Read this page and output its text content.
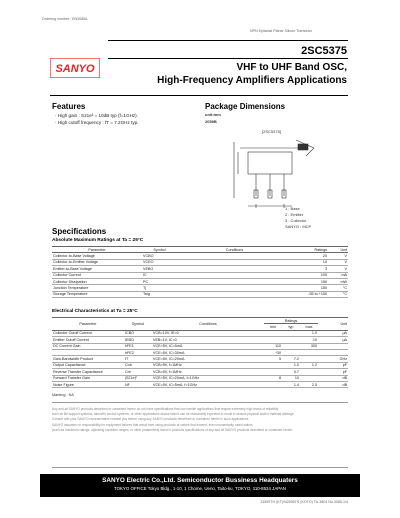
Ordering number : EN3085A
NPN Epitaxial Planar Silicon Transistor
SANYO
2SC5375
VHF to UHF Band OSC,
High-Frequency Amplifiers Applications
Features
· High gain : S21e² = 10dB typ (f=1GHz).
· High cutoff frequency : fT = 7.2GHz typ.
Package Dimensions
unit:mm
2059B
[2SC5375]
1 : Base
2 : Emitter
3 : Collector
SANYO : MCP
Specifications
Absolute Maximum Ratings at Ta = 25°C
Parameter	Symbol	Conditions	Ratings	Unit
Collector-to-Base Voltage	VCBO		20	V
Collector-to-Emitter Voltage	VCEO		10	V
Emitter-to-Base Voltage	VEBO		3	V
Collector Current	IC		100	mA
Collector Dissipation	PC		150	mW
Junction Temperature	Tj		150	°C
Storage Temperature	Tstg		-55 to +150	°C
Electrical Characteristics at Ta = 25°C
Parameter	Symbol	Conditions	Ratings			Unit
			min	typ	max	
Collector Cutoff Current	ICBO	VCB=10V, IE=0			1.0	μA
Emitter Cutoff Current	IEBO	VEB=1V, IC=0			10	μA
DC Current Gain	hFE1	VCE=5V, IC=5mA	110		300	
	hFE2	VCE=5V, IC=30mA	*30			
Gain-Bandwidth Product	fT	VCE=5V, IC=20mA	5	7.2		GHz
Output Capacitance	Cob	VCB=5V, f=1MHz		1.0	1.2	pF
Reverse Transfer Capacitance	Cre	VCB=5V, f=1MHz		0.7		pF
Forward Transfer Gain	|S21e|²	VCE=5V, IC=20mA, f=1GHz	8	10		dB
Noise Figure	NF	VCE=5V, IC=5mA, f=1GHz		1.4	2.5	dB
Marking : NA
Any and all SANYO products described or contained herein do not have specifications that can handle applications that require extremely high levels of reliability,
such as life-support systems, aircraft's control systems, or other applications whose failure can be reasonably expected to result in serious physical and/or material damage.
Consult with your SANYO representative nearest you before using any SANYO products described or contained herein in such applications.
SANYO assumes no responsibility for equipment failures that result from using products at values that exceed, even momentarily, rated values
(such as maximum ratings, operating condition ranges, or other parameters) listed in products specifications of any and all SANYO products described or contained herein.
SANYO Electric Co.,Ltd. Semiconductor Bussiness Headquaters
TOKYO OFFICE Tokyo Bldg., 1-10, 1 Chome, Ueno, Taito-ku, TOKYO, 110-8534 JAPAN
31599TH (KT)/N2596TS (KOTO) TA-3804 No.3085-1/4
